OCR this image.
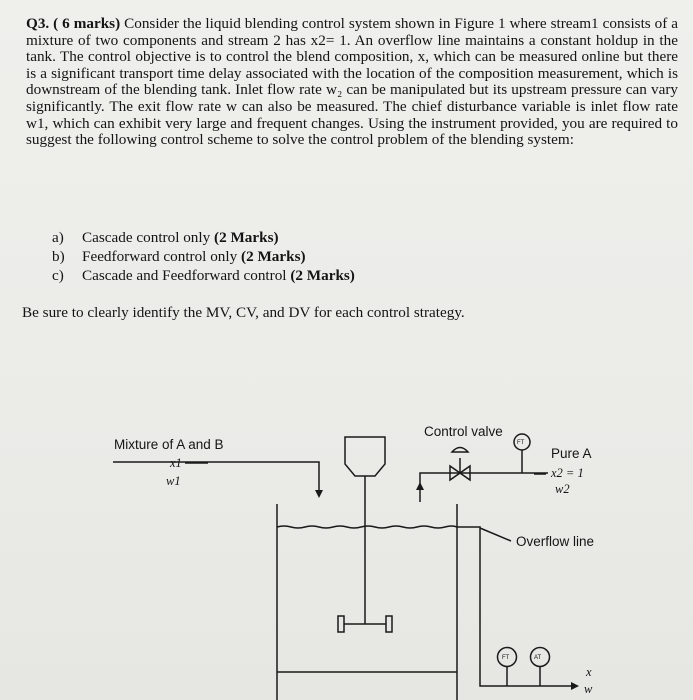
Q3. ( 6 marks) Consider the liquid blending control system shown in Figure 1 where stream1 consists of a mixture of two components and stream 2 has x2= 1. An overflow line maintains a constant holdup in the tank. The control objective is to control the blend composition, x, which can be measured online but there is a significant transport time delay associated with the location of the composition measurement, which is downstream of the blending tank. Inlet flow rate w₂ can be manipulated but its upstream pressure can vary significantly. The exit flow rate w can also be measured. The chief disturbance variable is inlet flow rate w1, which can exhibit very large and frequent changes. Using the instrument provided, you are required to suggest the following control scheme to solve the control problem of the blending system:
a) Cascade control only (2 Marks)
b) Feedforward control only (2 Marks)
c) Cascade and Feedforward control (2 Marks)
Be sure to clearly identify the MV, CV, and DV for each control strategy.
Mixture of A and B
x1
w1
Control valve
FT
Pure A
x2 = 1
w2
Overflow line
FT	AT
x
w
